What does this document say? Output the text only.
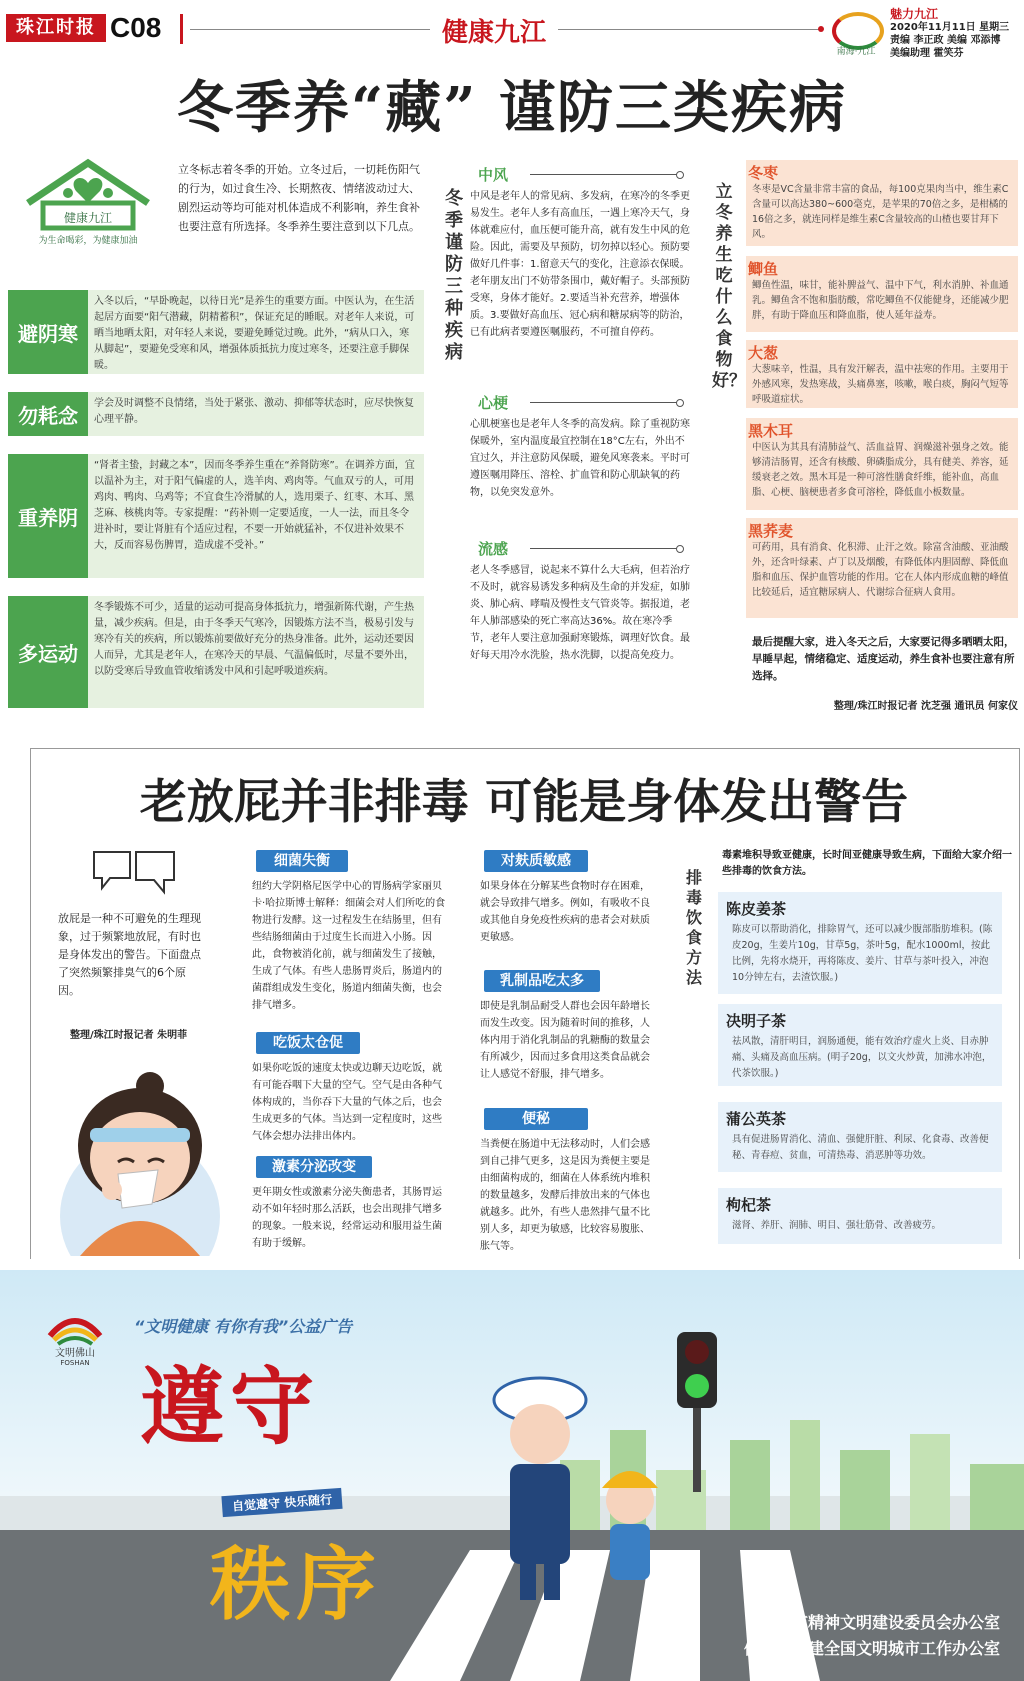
珠江时报 C08	健康九江
南海·九江
魅力九江
2020年11月11日 星期三
责编 李正政 美编 邓添博
美编助理 霍笑芬
冬季养“藏” 谨防三类疾病
健康九江
为生命喝彩，为健康加油
立冬标志着冬季的开始。立冬过后，一切耗伤阳气的行为，如过食生冷、长期熬夜、情绪波动过大、剧烈运动等均可能对机体造成不利影响，养生食补也要注意有所选择。冬季养生要注意到以下几点。
避阴寒
入冬以后，“早卧晚起，以待日光”是养生的重要方面。中医认为，在生活起居方面要“阳气潜藏，阴精蓄积”，保证充足的睡眠。对老年人来说，可晒当地晒太阳，对年轻人来说，要避免睡觉过晚。此外，“病从口入，寒从脚起”，要避免受寒和风，增强体质抵抗力度过寒冬，还要注意手脚保暖。
勿耗念	学会及时调整不良情绪，当处于紧张、激动、抑郁等状态时，应尽快恢复心理平静。
重养阴
“肾者主蛰，封藏之本”，因而冬季养生重在“养肾防寒”。在调养方面，宜以温补为主，对于阳气偏虚的人，选羊肉、鸡肉等。气血双亏的人，可用鸡肉、鸭肉、乌鸡等；不宜食生冷滑腻的人，选用栗子、红枣、木耳、黑芝麻、核桃肉等。专家提醒：“药补则一定要适度，一人一法，而且冬令进补时，要让肾脏有个适应过程，不要一开始就猛补，不仅进补效果不大，反而容易伤脾胃，造成虚不受补。”
多运动
冬季锻炼不可少，适量的运动可提高身体抵抗力，增强新陈代谢，产生热量，减少疾病。但是，由于冬季天气寒冷，因锻炼方法不当，极易引发与寒冷有关的疾病，所以锻炼前要做好充分的热身准备。此外，运动还要因人而异，尤其是老年人，在寒冷天的早晨、气温偏低时，尽量不要外出，以防受寒后导致血管收缩诱发中风和引起呼吸道疾病。
冬季谨防三种疾病
中风
中风是老年人的常见病、多发病，在寒冷的冬季更易发生。老年人多有高血压，一遇上寒冷天气，身体就难应付，血压便可能升高，就有发生中风的危险。因此，需要及早预防，切勿掉以轻心。预防要做好几件事：1.留意天气的变化，注意添衣保暖。老年朋友出门不妨带条围巾，戴好帽子。头部预防受寒，身体才能好。2.要适当补充营养，增强体质。3.要做好高血压、冠心病和糖尿病等的防治，已有此病者要遵医嘱服药，不可擅自停药。
心梗
心肌梗塞也是老年人冬季的高发病。除了重视防寒保暖外，室内温度最宜控制在18°C左右，外出不宜过久，并注意防风保暖，避免风寒袭来。平时可遵医嘱用降压、溶栓、扩血管和防心肌缺氧的药物，以免突发意外。
流感
老人冬季感冒，说起来不算什么大毛病，但若治疗不及时，就容易诱发多种病及生命的并发症，如肺炎、肺心病、哮喘及慢性支气管炎等。据报道，老年人肺部感染的死亡率高达36%。故在寒冷季节，老年人要注意加强耐寒锻炼，调理好饮食。最好每天用冷水洗脸，热水洗脚，以提高免疫力。
立冬养生吃什么食物好？
冬枣
冬枣是VC含量非常丰富的食品，每100克果肉当中，维生素C含量可以高达380~600毫克，是苹果的70倍之多，是柑橘的16倍之多，就连同样是维生素C含量较高的山楂也要甘拜下风。
鲫鱼
鲫鱼性温，味甘，能补脾益气、温中下气，利水消肿、补血通乳。鲫鱼含不饱和脂肪酸，常吃鲫鱼不仅能健身，还能减少肥胖，有助于降血压和降血脂，使人延年益寿。
大葱
大葱味辛，性温，具有发汗解表，温中祛寒的作用。主要用于外感风寒，发热寒战，头痛鼻塞，咳嗽，喉白痰，胸闷气短等呼吸道症状。
黑木耳
中医认为其具有清肺益气、活血益胃、润燥滋补强身之效。能够清洁肠胃，还含有核酸、卵磷脂成分，具有健美、养容，延缓衰老之效。黑木耳是一种可溶性膳食纤维，能补血，高血脂、心梗、脑梗患者多食可溶栓，降低血小板数量。
黑荞麦
可药用，具有消食、化积滞、止汗之效。除富含油酸、亚油酸外，还含叶绿素、卢丁以及烟酸，有降低体内胆固醇、降低血脂和血压、保护血管功能的作用。它在人体内形成血糖的峰值比较延后，适宜糖尿病人、代谢综合征病人食用。
最后提醒大家，进入冬天之后，大家要记得多晒晒太阳，早睡早起，情绪稳定、适度运动，养生食补也要注意有所选择。
整理/珠江时报记者 沈芝强 通讯员 何家仪
老放屁并非排毒 可能是身体发出警告
放屁是一种不可避免的生理现象，过于频繁地放屁，有时也是身体发出的警告。下面盘点了突然频繁排臭气的6个原因。
整理/珠江时报记者 朱明菲
细菌失衡
纽约大学阴格尼医学中心的胃肠病学家丽贝卡·哈拉斯博士解释：细菌会对人们所吃的食物进行发酵。这一过程发生在结肠里，但有些结肠细菌由于过度生长而进入小肠。因此，食物被消化前，就与细菌发生了接触，生成了气体。有些人患肠胃炎后，肠道内的菌群组成发生变化，肠道内细菌失衡，也会排气增多。
吃饭太仓促
如果你吃饭的速度太快或边聊天边吃饭，就有可能吞咽下大量的空气。空气是由各种气体构成的，当你吞下大量的气体之后，也会生成更多的气体。当达到一定程度时，这些气体会想办法排出体内。
激素分泌改变
更年期女性或激素分泌失衡患者，其肠胃运动不如年轻时那么活跃，也会出现排气增多的现象。一般来说，经常运动和服用益生菌有助于缓解。
对麸质敏感
如果身体在分解某些食物时存在困难，就会导致排气增多。例如，有吸收不良或其他自身免疫性疾病的患者会对麸质更敏感。
乳制品吃太多
即使是乳制品耐受人群也会因年龄增长而发生改变。因为随着时间的推移，人体内用于消化乳制品的乳糖酶的数量会有所减少，因而过多食用这类食品就会让人感觉不舒服，排气增多。
便秘
当粪便在肠道中无法移动时，人们会感到自己排气更多，这是因为粪便主要是由细菌构成的，细菌在人体系统内堆积的数量越多，发酵后排放出来的气体也就越多。此外，有些人患然排气量不比别人多，却更为敏感，比较容易腹胀、胀气等。
排毒饮食方法
毒素堆积导致亚健康，长时间亚健康导致生病，下面给大家介绍一些排毒的饮食方法。
陈皮姜茶
陈皮可以帮助消化，排除胃气，还可以减少腹部脂肪堆积。(陈皮20g，生姜片10g，甘草5g，茶叶5g，配水1000ml，按此比例，先将水烧开，再将陈皮、姜片、甘草与茶叶投入，冲泡10分钟左右，去渣饮服。)
决明子茶
祛风散，清肝明目，润肠通便，能有效治疗虚火上炎、目赤肿痛、头痛及高血压病。(明子20g，以文火炒黄，加沸水冲泡，代茶饮服。)
蒲公英茶
具有促进肠胃消化、清血、强健肝脏、利尿、化食毒、改善便秘、青春痘、贫血，可清热毒、消恶肿等功效。
枸杞茶
滋肾、养肝、润肺、明目、强壮筋骨、改善疲劳。
文明佛山
FOSHAN
“文明健康 有你有我”公益广告
遵守
自觉遵守 快乐随行
秩序	佛山市精神文明建设委员会办公室
佛山市创建全国文明城市工作办公室
